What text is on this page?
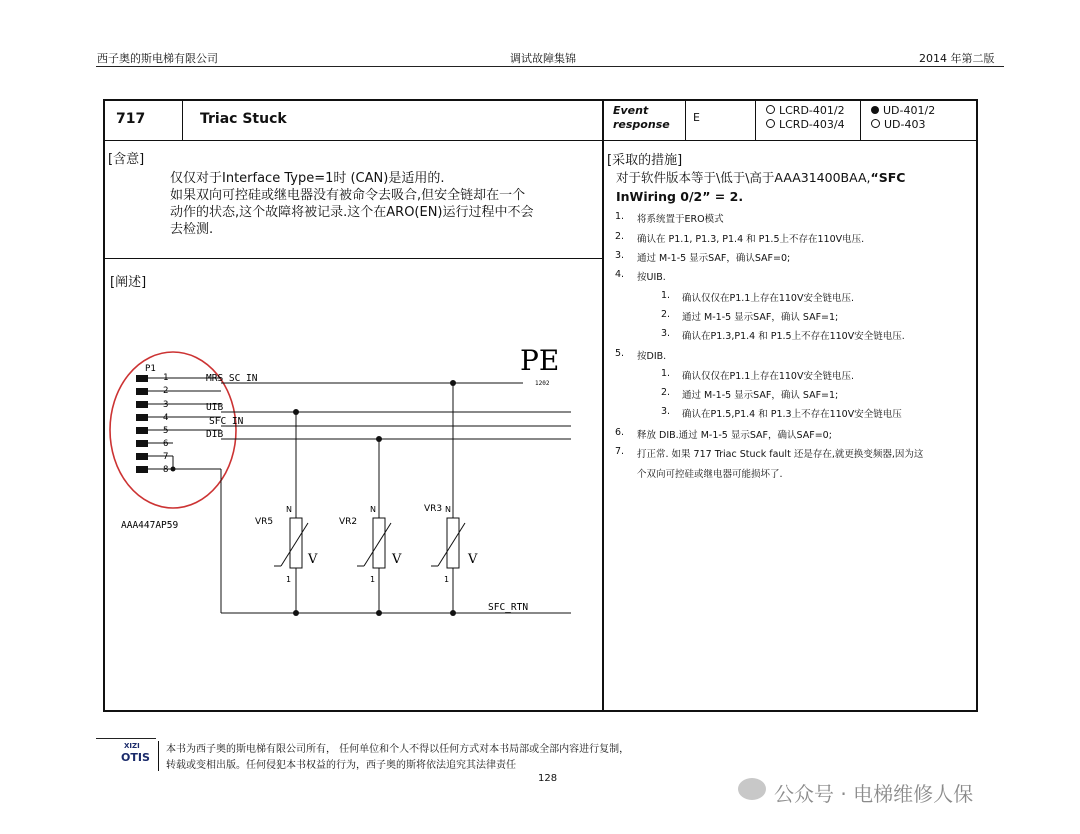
西子奥的斯电梯有限公司	调试故障集锦	2014 年第二版
717	Triac Stuck
Event
response
E
LCRD-401/2
LCRD-403/4
UD-401/2
UD-403
[含意]
仅仅对于Interface Type=1时 (CAN)是适用的.
如果双向可控硅或继电器没有被命令去吸合,但安全链却在一个
动作的状态,这个故障将被记录.这个在ARO(EN)运行过程中不会
去检测.
[阐述]
P1
1
2
3
4
5
6
7
8
MRS_SC_IN
UIB
SFC_IN
DIB
SFC_RTN
AAA447AP59
PE
1202
VR5
N
V
1
VR2
N
V
1
VR3 N
V
1
[采取的措施]
对于软件版本等于\低于\高于AAA31400BAA,“SFC
InWiring 0/2” = 2.
1. 将系统置于ERO模式
2. 确认在 P1.1, P1.3, P1.4 和 P1.5上不存在110V电压.
3. 通过 M-1-5 显示SAF，确认SAF=0;
4. 按UIB.
1. 确认仅仅在P1.1上存在110V安全链电压.
2. 通过 M-1-5 显示SAF，确认 SAF=1;
3. 确认在P1.3,P1.4 和 P1.5上不存在110V安全链电压.
5. 按DIB.
1. 确认仅仅在P1.1上存在110V安全链电压.
2. 通过 M-1-5 显示SAF，确认 SAF=1;
3. 确认在P1.5,P1.4 和 P1.3上不存在110V安全链电压
6. 释放 DIB.通过 M-1-5 显示SAF，确认SAF=0;
7. 打正常. 如果 717 Triac Stuck fault 还是存在,就更换变频器,因为这
个双向可控硅或继电器可能损坏了.
XIZI
OTIS
本书为西子奥的斯电梯有限公司所有， 任何单位和个人不得以任何方式对本书局部或全部内容进行复制，
转载或变相出版。任何侵犯本书权益的行为，西子奥的斯将依法追究其法律责任
128
公众号 · 电梯维修人保
